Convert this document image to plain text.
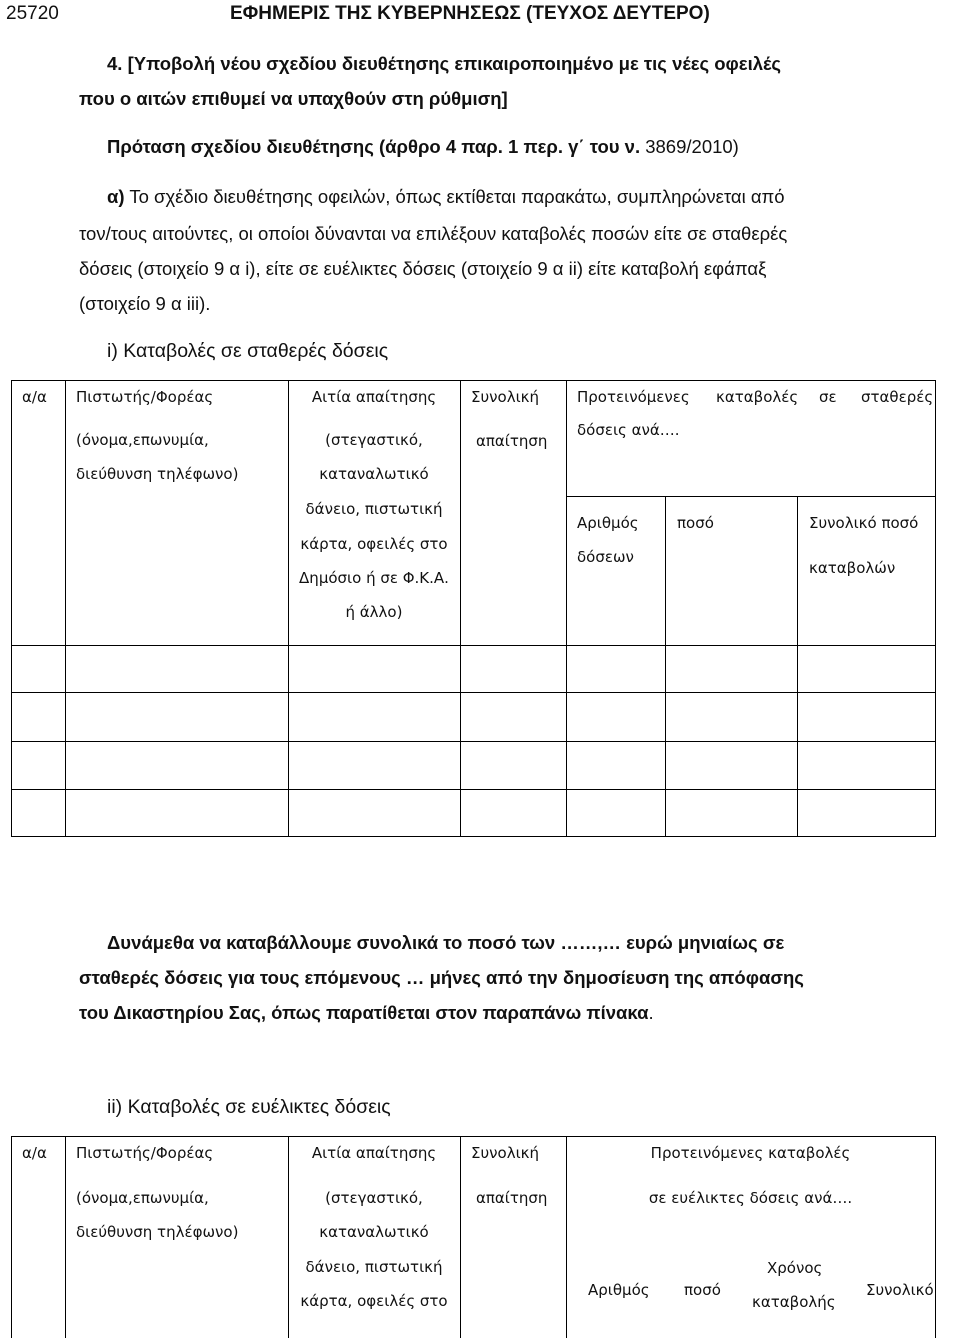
25720	ΕΦΗΜΕΡΙΣ ΤΗΣ ΚΥΒΕΡΝΗΣΕΩΣ (ΤΕΥΧΟΣ ΔΕΥΤΕΡΟ)
4. [Υποβολή νέου σχεδίου διευθέτησης επικαιροποιημένο με τις νέες οφειλές
που ο αιτών επιθυμεί να υπαχθούν στη ρύθμιση]
Πρόταση σχεδίου διευθέτησης (άρθρο 4 παρ. 1 περ. γ΄ του ν. 3869/2010)
α) Το σχέδιο διευθέτησης οφειλών, όπως εκτίθεται παρακάτω, συμπληρώνεται από
τον/τους αιτούντες, οι οποίοι δύνανται να επιλέξουν καταβολές ποσών είτε σε σταθερές
δόσεις (στοιχείο 9 α i), είτε σε ευέλικτες δόσεις (στοιχείο 9 α ii) είτε καταβολή εφάπαξ
(στοιχείο 9 α iii).
i) Καταβολές σε σταθερές δόσεις
α/α Πιστωτής/Φορέας
(όνομα,επωνυμία,
διεύθυνση τηλέφωνο)
Αιτία απαίτησης
(στεγαστικό,
καταναλωτικό
δάνειο, πιστωτική
κάρτα, οφειλές στο
Δημόσιο ή σε Φ.Κ.Α.
ή άλλο)
Συνολική
απαίτηση
Προτεινόμενες καταβολές σε σταθερές
δόσεις ανά….
Αριθμός
δόσεων
ποσό	Συνολικό ποσό
καταβολών
Δυνάμεθα να καταβάλλουμε συνολικά το ποσό των ……,… ευρώ μηνιαίως σε
σταθερές δόσεις για τους επόμενους … μήνες από την δημοσίευση της απόφασης
του Δικαστηρίου Σας, όπως παρατίθεται στον παραπάνω πίνακα.
ii) Καταβολές σε ευέλικτες δόσεις
α/α Πιστωτής/Φορέας
(όνομα,επωνυμία,
διεύθυνση τηλέφωνο)
Αιτία απαίτησης
(στεγαστικό,
καταναλωτικό
δάνειο, πιστωτική
κάρτα, οφειλές στο
Συνολική
απαίτηση
Προτεινόμενες καταβολές
σε ευέλικτες δόσεις ανά….
Αριθμός ποσό
Χρόνος
καταβολής
Συνολικό
